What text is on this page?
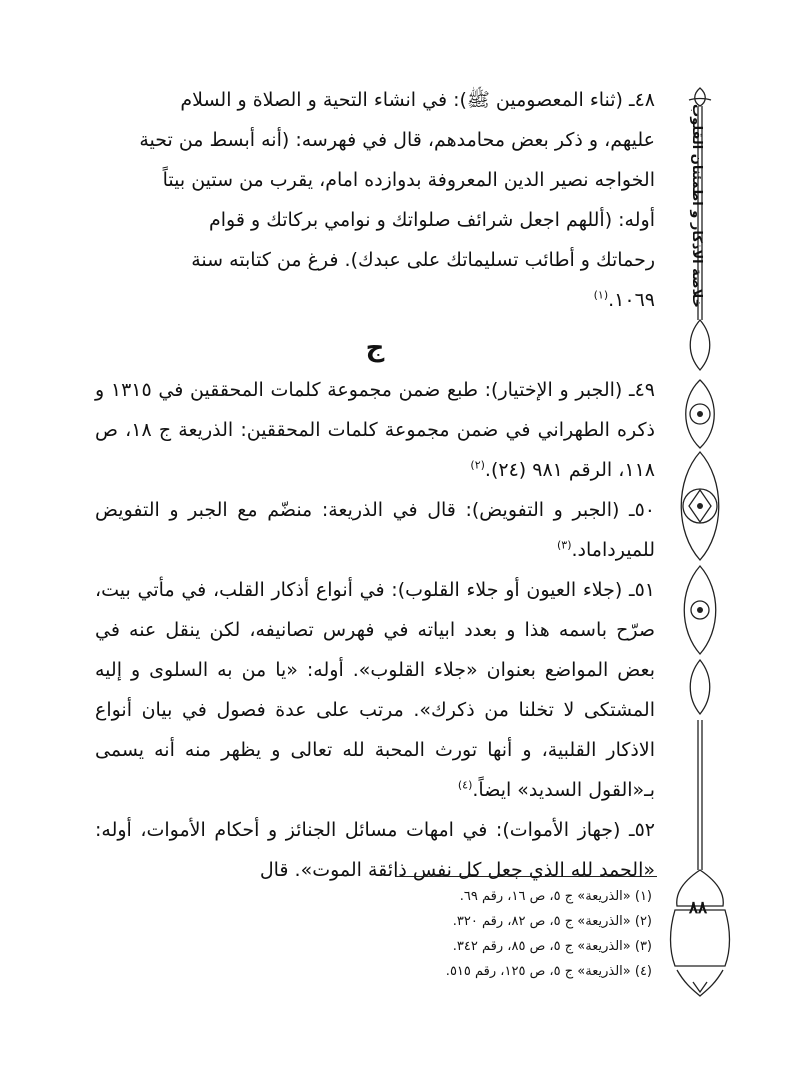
٤٨ـ (ثناء المعصومين ﷺ): في انشاء التحية و الصلاة و السلام
عليهم، و ذكر بعض محامدهم، قال في فهرسه: (أنه أبسط من تحية
الخواجه نصير الدين المعروفة بدوازده امام، يقرب من ستين بيتاً
أوله: (أللهم اجعل شرائف صلواتك و نوامي بركاتك و قوام
رحماتك و أطائب تسليماتك على عبدك). فرغ من كتابته سنة
١٠٦٩.$^{(١)}$

ج

٤٩ـ (الجبر و الإختيار): طبع ضمن مجموعة كلمات المحققين في ١٣١٥ و ذكره الطهراني في ضمن مجموعة كلمات المحققين: الذريعة ج ١٨، ص ١١٨، الرقم ٩٨١ (٢٤).$^{(٢)}$

٥٠ـ (الجبر و التفويض): قال في الذريعة: منضّم مع الجبر و التفويض للميرداماد.$^{(٣)}$

٥١ـ (جلاء العيون أو جلاء القلوب): في أنواع أذكار القلب، في مأتي بيت، صرّح باسمه هذا و بعدد ابياته في فهرس تصانيفه، لكن ينقل عنه في بعض المواضع بعنوان «جلاء القلوب». أوله: «يا من به السلوى و إليه المشتكى لا تخلنا من ذكرك». مرتب على عدة فصول في بيان أنواع الاذكار القلبية، و أنها تورث المحبة لله تعالى و يظهر منه أنه يسمى بـ«القول السديد» ايضاً.$^{(٤)}$

٥٢ـ (جهاز الأموات): في امهات مسائل الجنائز و أحكام الأموات، أوله: «الحمد لله الذي جعل كل نفس ذائقة الموت». قال

(١) «الذريعة» ج ٥، ص ١٦، رقم ٦٩.
(٢) «الذريعة» ج ٥، ص ٨٢، رقم ٣٢٠.
(٣) «الذريعة» ج ٥، ص ٨٥، رقم ٣٤٢.
(٤) «الذريعة» ج ٥، ص ١٢٥، رقم ٥١٥.
خلاصة الاذكار و اطمئنان القلوب
٨٨
